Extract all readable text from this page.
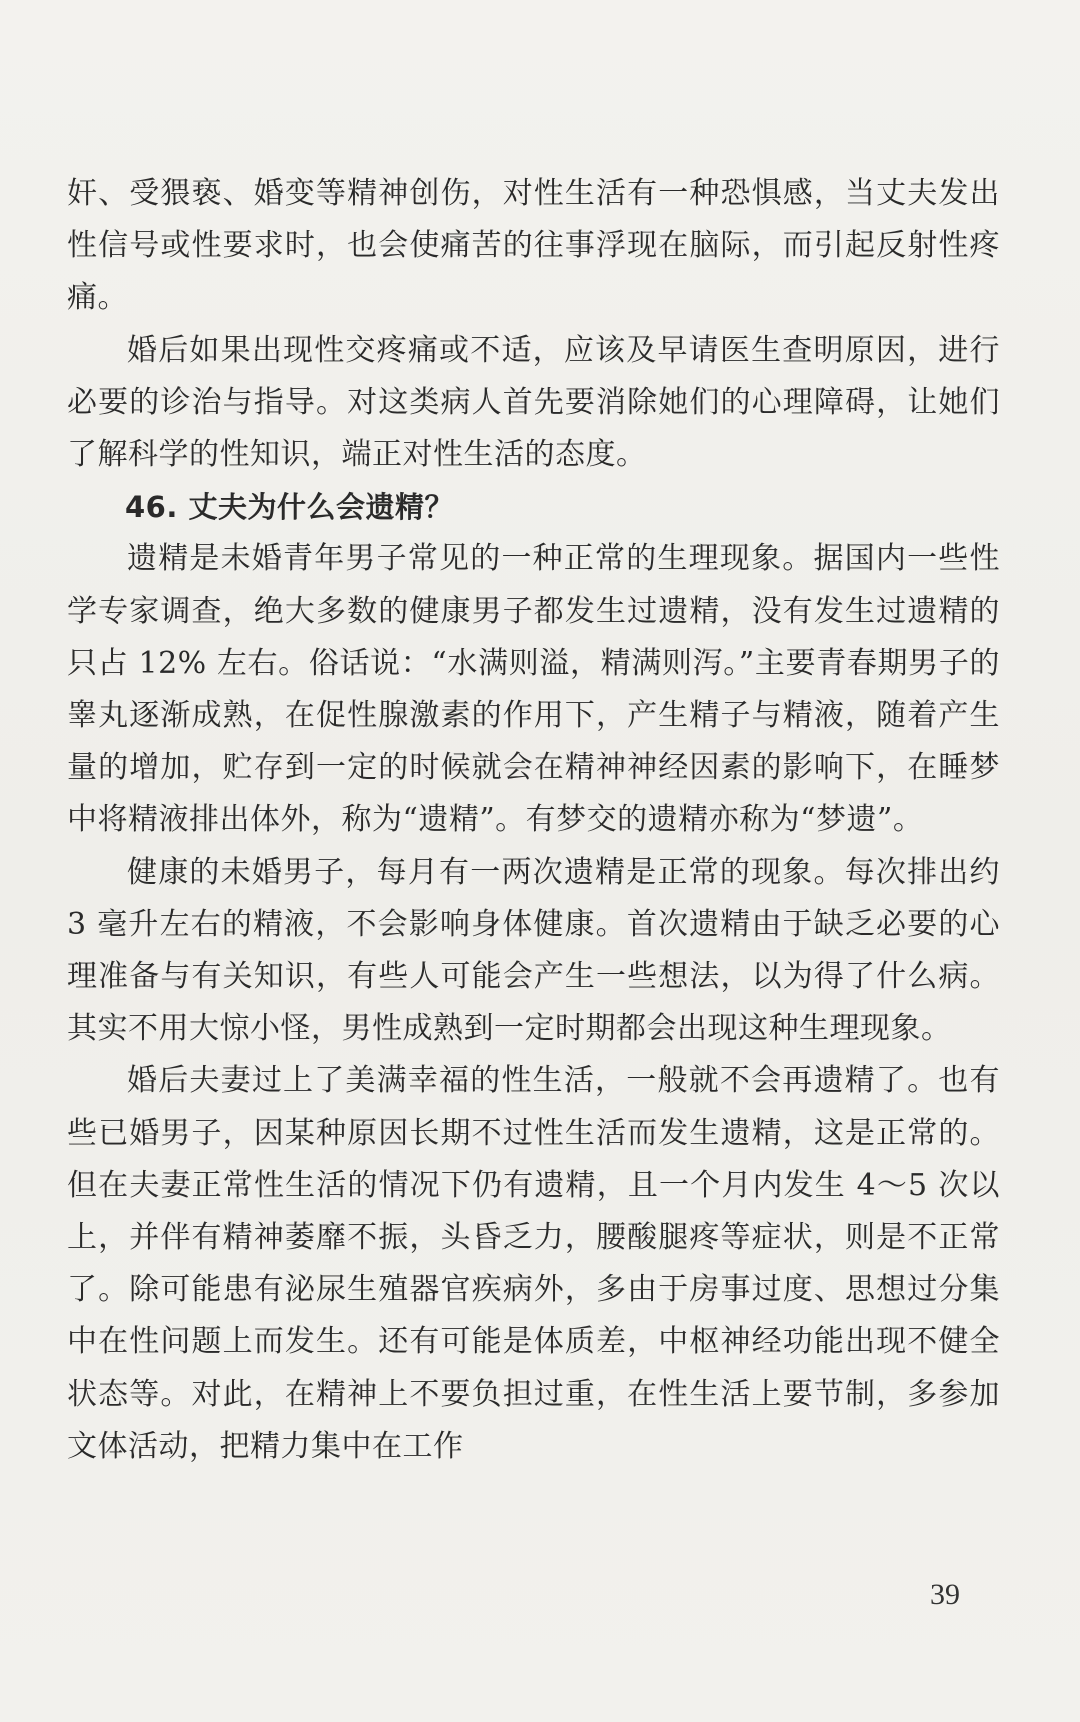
奸、受猥亵、婚变等精神创伤，对性生活有一种恐惧感，当丈夫发出性信号或性要求时，也会使痛苦的往事浮现在脑际，而引起反射性疼痛。

婚后如果出现性交疼痛或不适，应该及早请医生查明原因，进行必要的诊治与指导。对这类病人首先要消除她们的心理障碍，让她们了解科学的性知识，端正对性生活的态度。

46. 丈夫为什么会遗精？

遗精是未婚青年男子常见的一种正常的生理现象。据国内一些性学专家调查，绝大多数的健康男子都发生过遗精，没有发生过遗精的只占 12% 左右。俗话说：“水满则溢，精满则泻。”主要青春期男子的睾丸逐渐成熟，在促性腺激素的作用下，产生精子与精液，随着产生量的增加，贮存到一定的时候就会在精神神经因素的影响下，在睡梦中将精液排出体外，称为“遗精”。有梦交的遗精亦称为“梦遗”。

健康的未婚男子，每月有一两次遗精是正常的现象。每次排出约 3 毫升左右的精液，不会影响身体健康。首次遗精由于缺乏必要的心理准备与有关知识，有些人可能会产生一些想法，以为得了什么病。其实不用大惊小怪，男性成熟到一定时期都会出现这种生理现象。

婚后夫妻过上了美满幸福的性生活，一般就不会再遗精了。也有些已婚男子，因某种原因长期不过性生活而发生遗精，这是正常的。但在夫妻正常性生活的情况下仍有遗精，且一个月内发生 4～5 次以上，并伴有精神萎靡不振，头昏乏力，腰酸腿疼等症状，则是不正常了。除可能患有泌尿生殖器官疾病外，多由于房事过度、思想过分集中在性问题上而发生。还有可能是体质差，中枢神经功能出现不健全状态等。对此，在精神上不要负担过重，在性生活上要节制，多参加文体活动，把精力集中在工作

39
